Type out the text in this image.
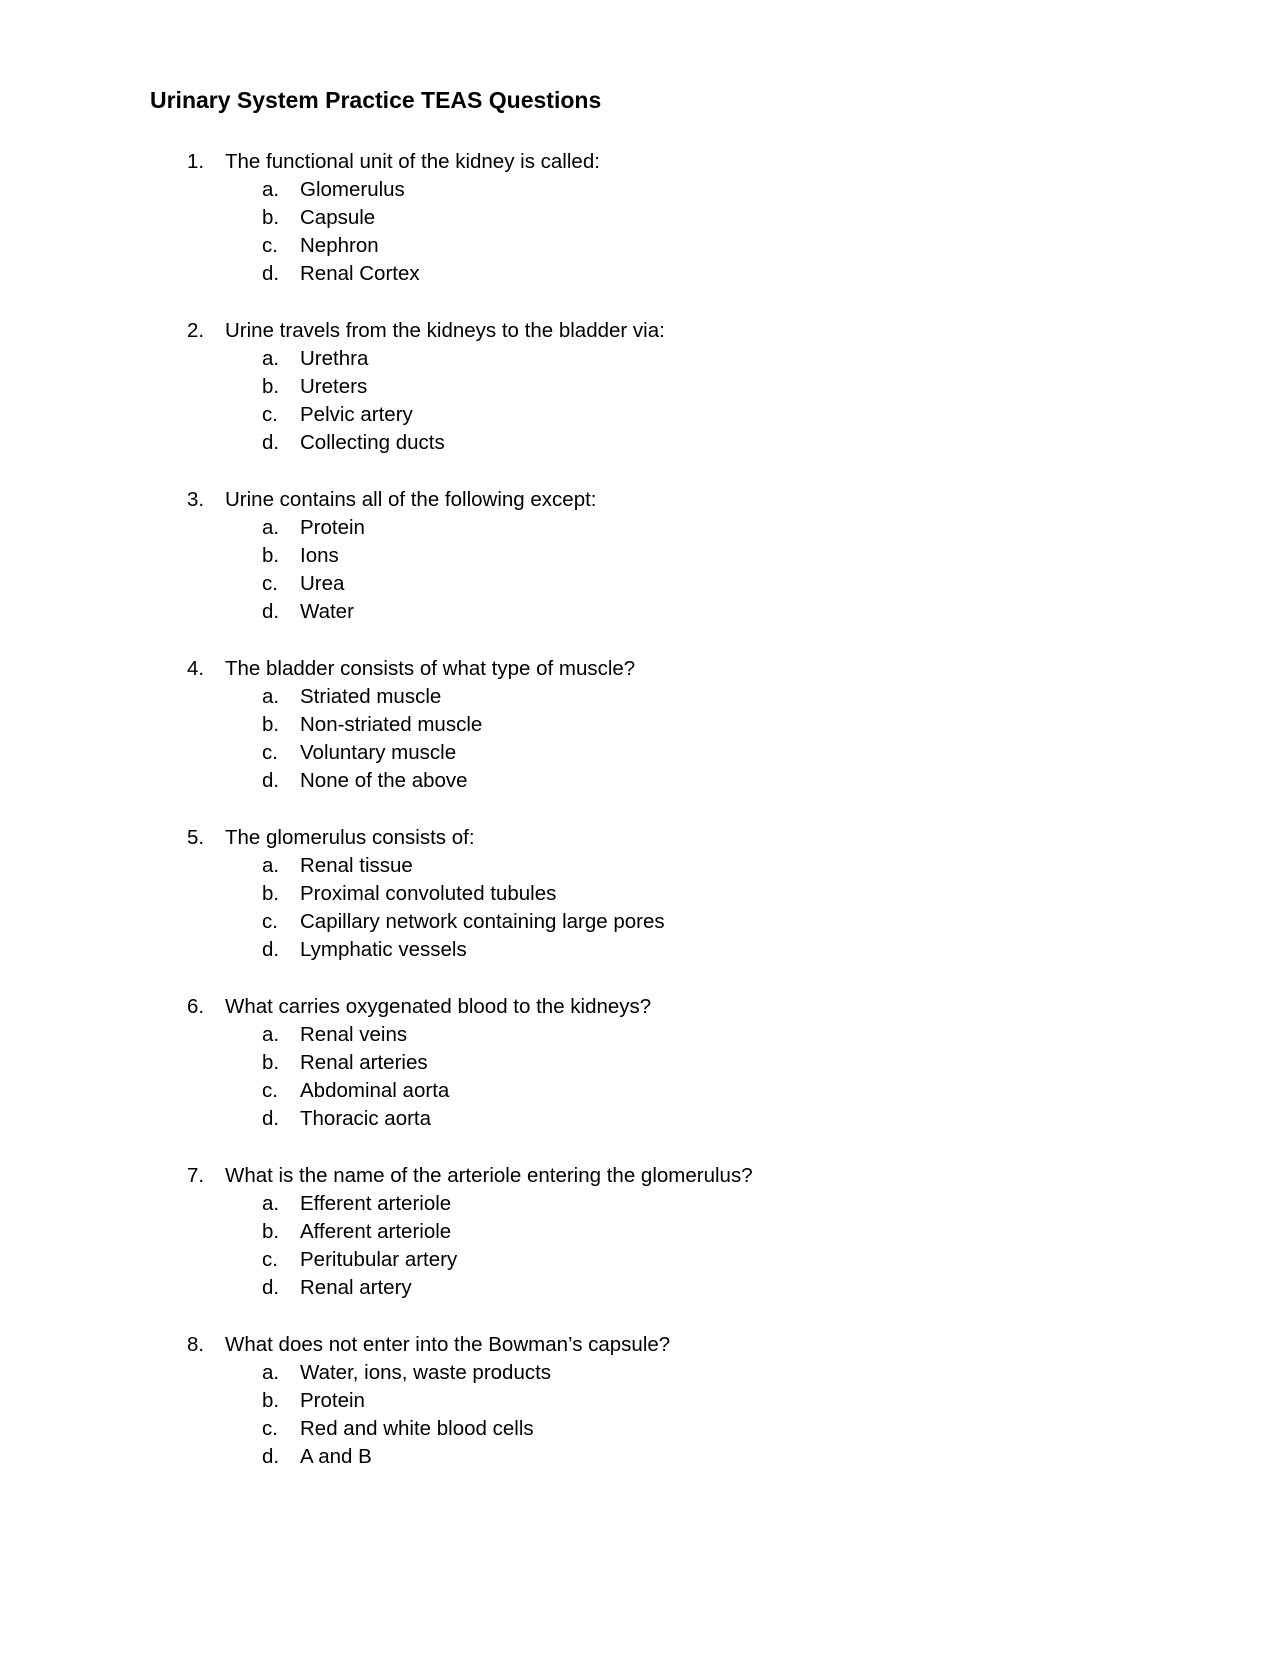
Urinary System Practice TEAS Questions
1. The functional unit of the kidney is called:
a. Glomerulus
b. Capsule
c. Nephron
d. Renal Cortex
2. Urine travels from the kidneys to the bladder via:
a. Urethra
b. Ureters
c. Pelvic artery
d. Collecting ducts
3. Urine contains all of the following except:
a. Protein
b. Ions
c. Urea
d. Water
4. The bladder consists of what type of muscle?
a. Striated muscle
b. Non-striated muscle
c. Voluntary muscle
d. None of the above
5. The glomerulus consists of:
a. Renal tissue
b. Proximal convoluted tubules
c. Capillary network containing large pores
d. Lymphatic vessels
6. What carries oxygenated blood to the kidneys?
a. Renal veins
b. Renal arteries
c. Abdominal aorta
d. Thoracic aorta
7. What is the name of the arteriole entering the glomerulus?
a. Efferent arteriole
b. Afferent arteriole
c. Peritubular artery
d. Renal artery
8. What does not enter into the Bowman’s capsule?
a. Water, ions, waste products
b. Protein
c. Red and white blood cells
d. A and B
